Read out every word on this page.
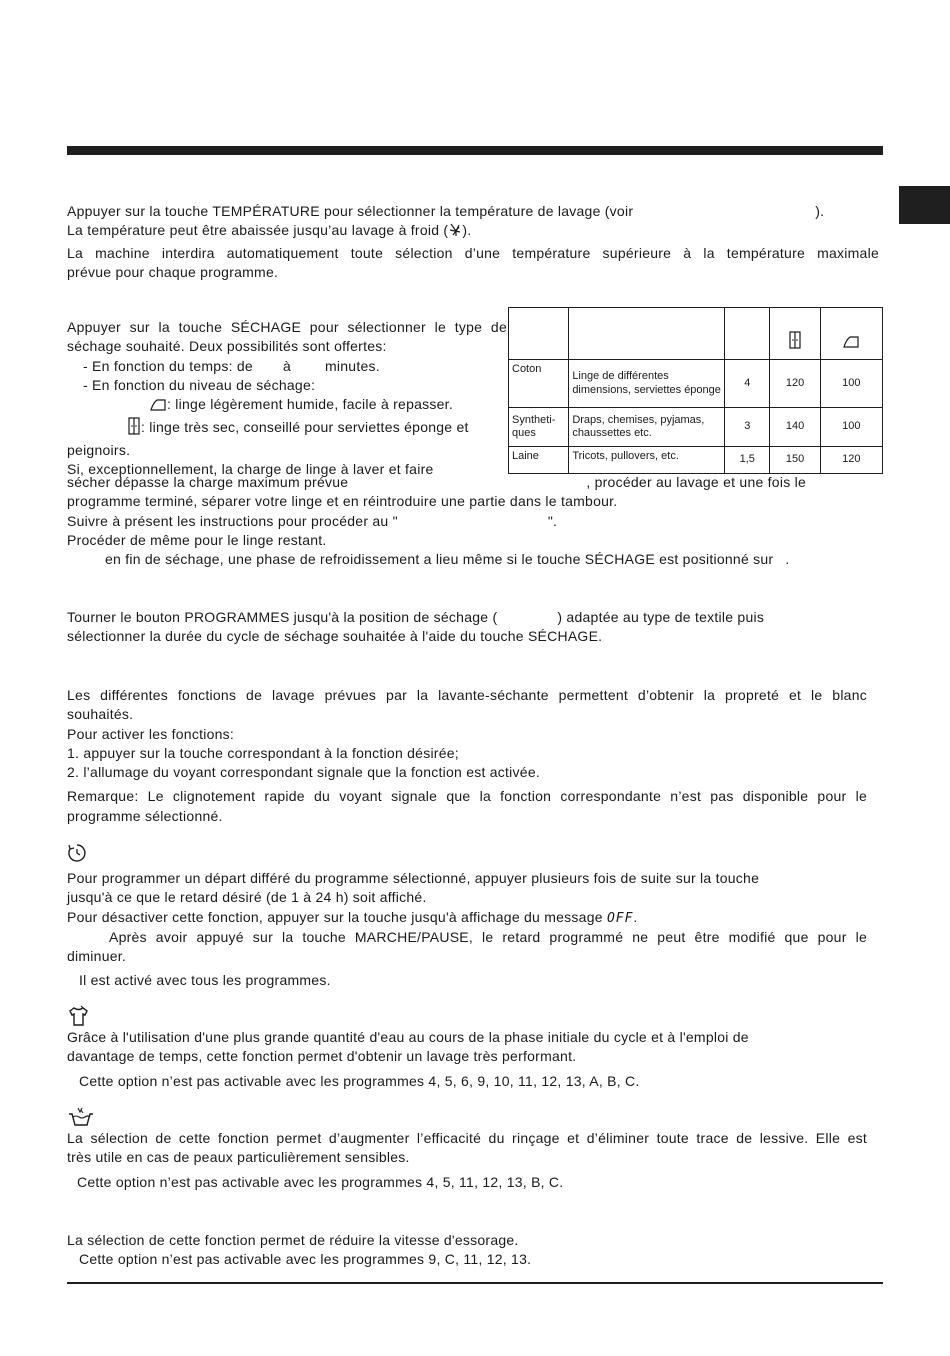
Appuyer sur la touche TEMPÉRATURE pour sélectionner la température de lavage (voir	).

La température peut être abaissée jusqu’au lavage à froid ( ).

La machine interdira automatiquement toute sélection d’une température supérieure à la température maximale

prévue pour chaque programme.

Appuyer sur la touche SÉCHAGE pour sélectionner le type de

séchage souhaité. Deux possibilités sont offertes:

- En fonction du temps: de à minutes.

- En fonction du niveau de séchage:

: linge légèrement humide, facile à repasser.

: linge très sec, conseillé pour serviettes éponge et

peignoirs.

Si, exceptionnellement, la charge de linge à laver et faire

sécher dépasse la charge maximum prévue	, procéder au lavage et une fois le

programme terminé, séparer votre linge et en réintroduire une partie dans le tambour.

Suivre à présent les instructions pour procéder au "	".

Procéder de même pour le linge restant.

en fin de séchage, une phase de refroidissement a lieu même si le touche SÉCHAGE est positionné sur .

Coton	Linge de différentes dimensions, serviettes éponge	4	120	100
Syntheti-ques	Draps, chemises, pyjamas, chaussettes etc.	3	140	100
Laine	Tricots, pullovers, etc.	1,5	150	120

Tourner le bouton PROGRAMMES jusqu'à la position de séchage (	) adaptée au type de textile puis

sélectionner la durée du cycle de séchage souhaitée à l'aide du touche SÉCHAGE.

Les différentes fonctions de lavage prévues par la lavante-séchante permettent d’obtenir la propreté et le blanc

souhaités.

Pour activer les fonctions:

1. appuyer sur la touche correspondant à la fonction désirée;

2. l’allumage du voyant correspondant signale que la fonction est activée.

Remarque: Le clignotement rapide du voyant signale que la fonction correspondante n’est pas disponible pour le

programme sélectionné.

Pour programmer un départ différé du programme sélectionné, appuyer plusieurs fois de suite sur la touche

jusqu'à ce que le retard désiré (de 1 à 24 h) soit affiché.

Pour désactiver cette fonction, appuyer sur la touche jusqu'à affichage du message OFF.

Après avoir appuyé sur la touche MARCHE/PAUSE, le retard programmé ne peut être modifié que pour le

diminuer.

Il est activé avec tous les programmes.

Grâce à l'utilisation d'une plus grande quantité d'eau au cours de la phase initiale du cycle et à l'emploi de

davantage de temps, cette fonction permet d'obtenir un lavage très performant.

Cette option n’est pas activable avec les programmes 4, 5, 6, 9, 10, 11, 12, 13, A, B, C.

La sélection de cette fonction permet d’augmenter l’efficacité du rinçage et d’éliminer toute trace de lessive. Elle est

très utile en cas de peaux particulièrement sensibles.

Cette option n’est pas activable avec les programmes 4, 5, 11, 12, 13, B, C.

La sélection de cette fonction permet de réduire la vitesse d'essorage.

Cette option n’est pas activable avec les programmes 9, C, 11, 12, 13.
